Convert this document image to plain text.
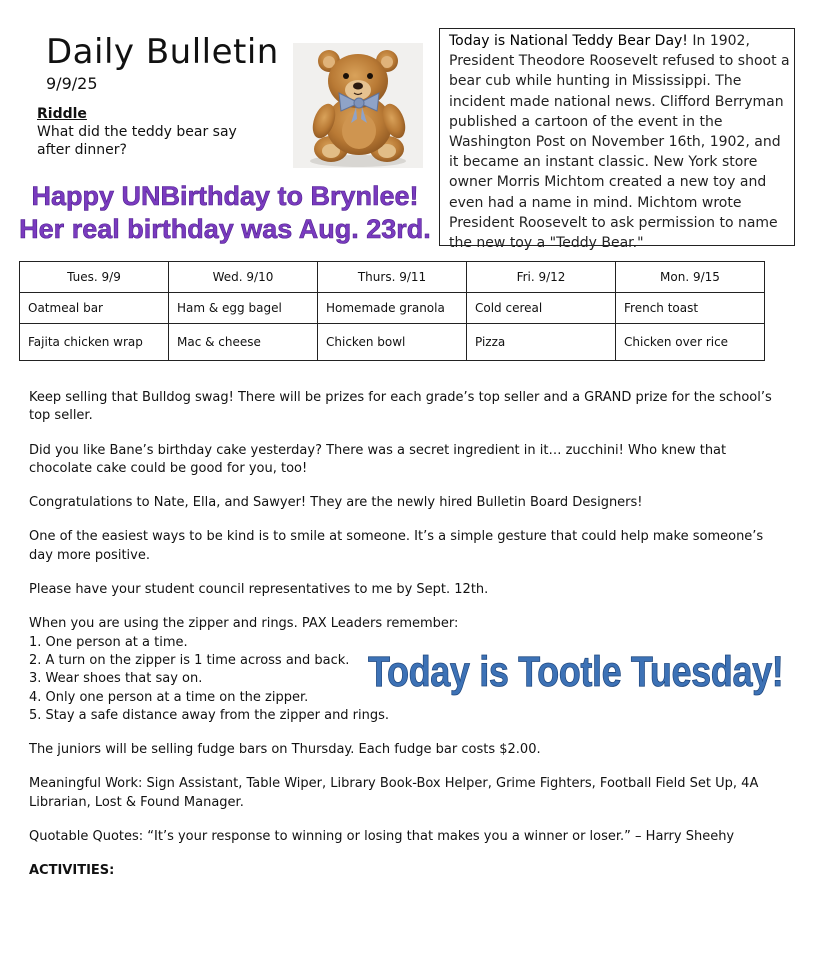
Daily Bulletin
9/9/25
Riddle
What did the teddy bear say after dinner?
Happy UNBirthday to Brynlee!
Her real birthday was Aug. 23rd.
Today is National Teddy Bear Day! In 1902, President Theodore Roosevelt refused to shoot a bear cub while hunting in Mississippi. The incident made national news. Clifford Berryman published a cartoon of the event in the Washington Post on November 16th, 1902, and it became an instant classic. New York store owner Morris Michtom created a new toy and even had a name in mind. Michtom wrote President Roosevelt to ask permission to name the new toy a "Teddy Bear."
Tues. 9/9	Wed. 9/10	Thurs. 9/11	Fri. 9/12	Mon. 9/15
Oatmeal bar	Ham & egg bagel	Homemade granola	Cold cereal	French toast
Fajita chicken wrap	Mac & cheese	Chicken bowl	Pizza	Chicken over rice

Keep selling that Bulldog swag! There will be prizes for each grade’s top seller and a GRAND prize for the school’s top seller.

Did you like Bane’s birthday cake yesterday? There was a secret ingredient in it… zucchini! Who knew that chocolate cake could be good for you, too!

Congratulations to Nate, Ella, and Sawyer! They are the newly hired Bulletin Board Designers!

One of the easiest ways to be kind is to smile at someone. It’s a simple gesture that could help make someone’s day more positive.

Please have your student council representatives to me by Sept. 12th.

When you are using the zipper and rings. PAX Leaders remember:
1. One person at a time.
2. A turn on the zipper is 1 time across and back.
3. Wear shoes that say on.
4. Only one person at a time on the zipper.
5. Stay a safe distance away from the zipper and rings.

The juniors will be selling fudge bars on Thursday. Each fudge bar costs $2.00.

Meaningful Work: Sign Assistant, Table Wiper, Library Book-Box Helper, Grime Fighters, Football Field Set Up, 4A Librarian, Lost & Found Manager.

Quotable Quotes: “It’s your response to winning or losing that makes you a winner or loser.” – Harry Sheehy

ACTIVITIES:

Today is Tootle Tuesday!
